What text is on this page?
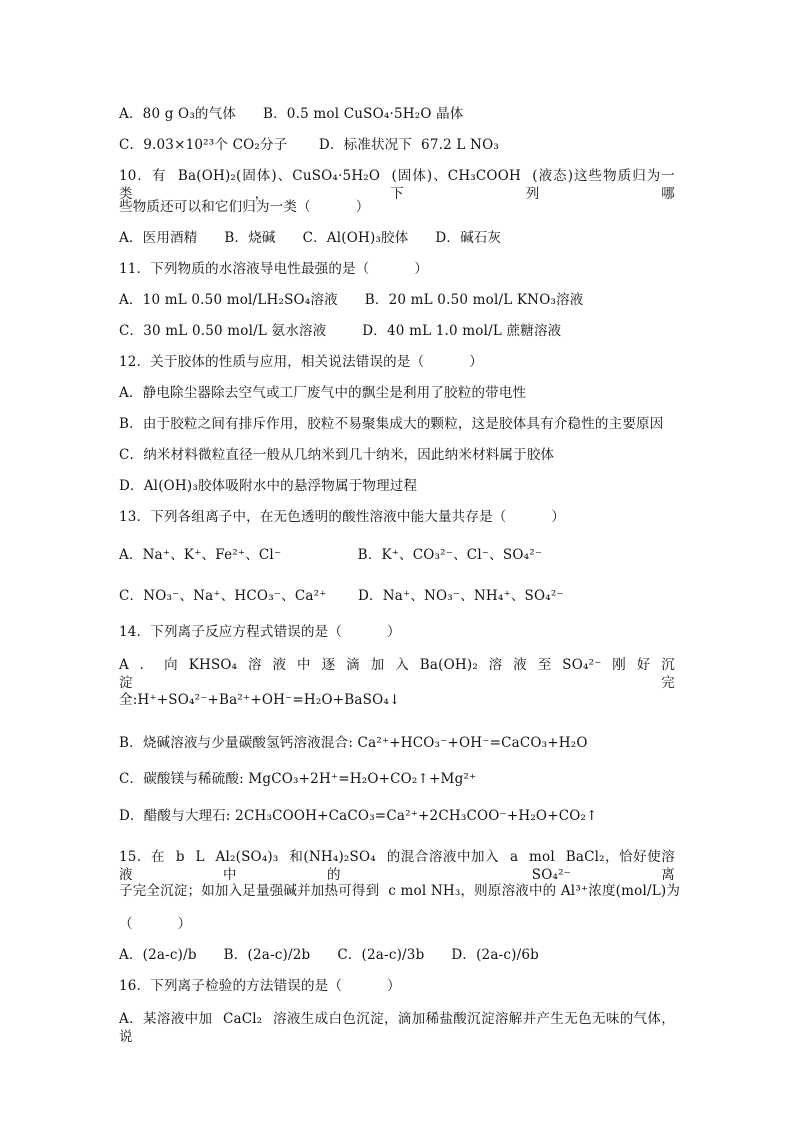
A．80 g O₃的气体      B．0.5 mol CuSO₄·5H₂O 晶体
C．9.03×10²³个 CO₂分子       D．标准状况下  67.2 L NO₃
10．有 Ba(OH)₂(固体)、CuSO₄·5H₂O (固体)、CH₃COOH (液态)这些物质归为一类，下列哪
些物质还可以和它们归为一类（          ）
A．医用酒精      B．烧碱      C．Al(OH)₃胶体      D．碱石灰
11．下列物质的水溶液导电性最强的是（          ）
A．10 mL 0.50 mol/LH₂SO₄溶液      B．20 mL 0.50 mol/L KNO₃溶液
C．30 mL 0.50 mol/L 氨水溶液        D．40 mL 1.0 mol/L 蔗糖溶液
12．关于胶体的性质与应用，相关说法错误的是（          ）
A．静电除尘器除去空气或工厂废气中的飘尘是利用了胶粒的带电性
B．由于胶粒之间有排斥作用，胶粒不易聚集成大的颗粒，这是胶体具有介稳性的主要原因
C．纳米材料微粒直径一般从几纳米到几十纳米，因此纳米材料属于胶体
D．Al(OH)₃胶体吸附水中的悬浮物属于物理过程
13．下列各组离子中，在无色透明的酸性溶液中能大量共存是（          ）
A．Na⁺、K⁺、Fe²⁺、Cl⁻                 B．K⁺、CO₃²⁻、Cl⁻、SO₄²⁻
C．NO₃⁻、Na⁺、HCO₃⁻、Ca²⁺       D．Na⁺、NO₃⁻、NH₄⁺、SO₄²⁻
14．下列离子反应方程式错误的是（          ）
A ． 向 KHSO₄ 溶 液 中 逐 滴 加 入 Ba(OH)₂ 溶 液 至 SO₄²⁻ 刚 好 沉 淀 完
全:H⁺+SO₄²⁻+Ba²⁺+OH⁻=H₂O+BaSO₄↓
B．烧碱溶液与少量碳酸氢钙溶液混合: Ca²⁺+HCO₃⁻+OH⁻=CaCO₃+H₂O
C．碳酸镁与稀硫酸: MgCO₃+2H⁺=H₂O+CO₂↑+Mg²⁺
D．醋酸与大理石: 2CH₃COOH+CaCO₃=Ca²⁺+2CH₃COO⁻+H₂O+CO₂↑
15．在 b L Al₂(SO₄)₃ 和(NH₄)₂SO₄ 的混合溶液中加入 a mol BaCl₂，恰好使溶液中的 SO₄²⁻离
子完全沉淀；如加入足量强碱并加热可得到  c mol NH₃，则原溶液中的 Al³⁺浓度(mol/L)为
（          ）
A．(2a-c)/b      B．(2a-c)/2b      C．(2a-c)/3b      D．(2a-c)/6b
16．下列离子检验的方法错误的是（          ）
A．某溶液中加 CaCl₂ 溶液生成白色沉淀，滴加稀盐酸沉淀溶解并产生无色无味的气体，说
